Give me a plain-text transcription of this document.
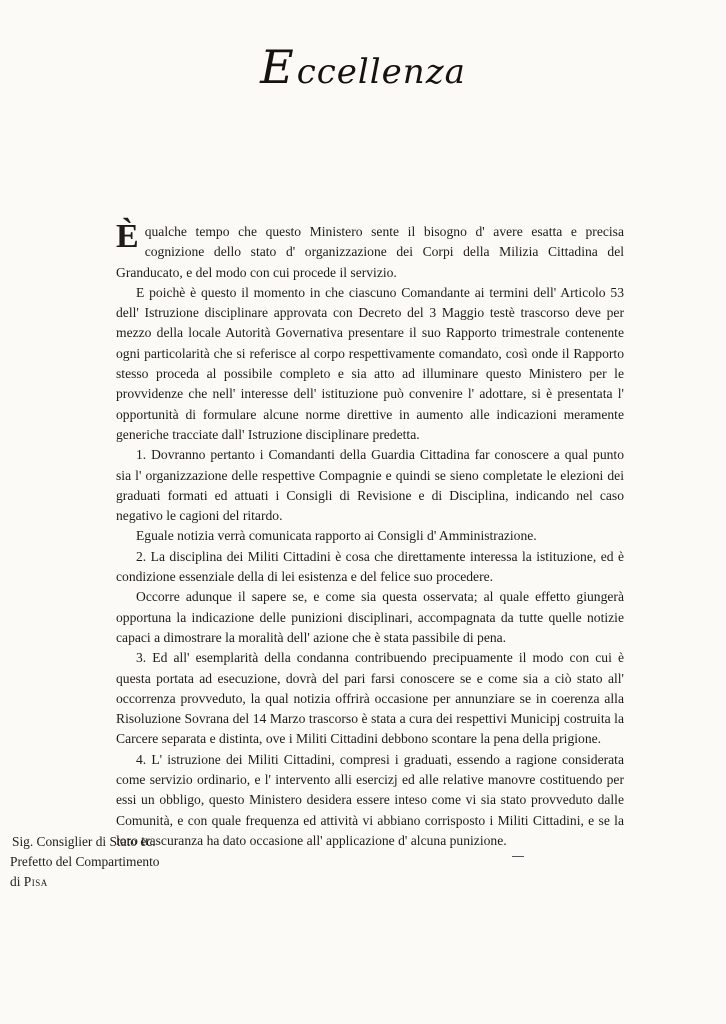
Eccellenza

È qualche tempo che questo Ministero sente il bisogno d' avere esatta e precisa cognizione dello stato d' organizzazione dei Corpi della Milizia Cittadina del Granducato, e del modo con cui procede il servizio.

E poichè è questo il momento in che ciascuno Comandante ai termini dell' Articolo 53 dell' Istruzione disciplinare approvata con Decreto del 3 Maggio testè trascorso deve per mezzo della locale Autorità Governativa presentare il suo Rapporto trimestrale contenente ogni particolarità che si referisce al corpo respettivamente comandato, così onde il Rapporto stesso proceda al possibile completo e sia atto ad illuminare questo Ministero per le provvidenze che nell' interesse dell' istituzione può convenire l' adottare, si è presentata l' opportunità di formulare alcune norme direttive in aumento alle indicazioni meramente generiche tracciate dall' Istruzione disciplinare predetta.

1. Dovranno pertanto i Comandanti della Guardia Cittadina far conoscere a qual punto sia l' organizzazione delle respettive Compagnie e quindi se sieno completate le elezioni dei graduati formati ed attuati i Consigli di Revisione e di Disciplina, indicando nel caso negativo le cagioni del ritardo.

Eguale notizia verrà comunicata rapporto ai Consigli d' Amministrazione.

2. La disciplina dei Militi Cittadini è cosa che direttamente interessa la istituzione, ed è condizione essenziale della di lei esistenza e del felice suo procedere.

Occorre adunque il sapere se, e come sia questa osservata; al quale effetto giungerà opportuna la indicazione delle punizioni disciplinari, accompagnata da tutte quelle notizie capaci a dimostrare la moralità dell' azione che è stata passibile di pena.

3. Ed all' esemplarità della condanna contribuendo precipuamente il modo con cui è questa portata ad esecuzione, dovrà del pari farsi conoscere se e come sia a ciò stato all' occorrenza provveduto, la qual notizia offrirà occasione per annunziare se in coerenza alla Risoluzione Sovrana del 14 Marzo trascorso è stata a cura dei respettivi Municipj costruita la Carcere separata e distinta, ove i Militi Cittadini debbono scontare la pena della prigione.

4. L' istruzione dei Militi Cittadini, compresi i graduati, essendo a ragione considerata come servizio ordinario, e l' intervento alli esercizj ed alle relative manovre costituendo per essi un obbligo, questo Ministero desidera essere inteso come vi sia stato provveduto dalle Comunità, e con quale frequenza ed attività vi abbiano corrisposto i Militi Cittadini, e se la loro trascuranza ha dato occasione all' applicazione d' alcuna punizione.

Sig. Consiglier di Stato ec.
Prefetto del Compartimento
di Pisa
